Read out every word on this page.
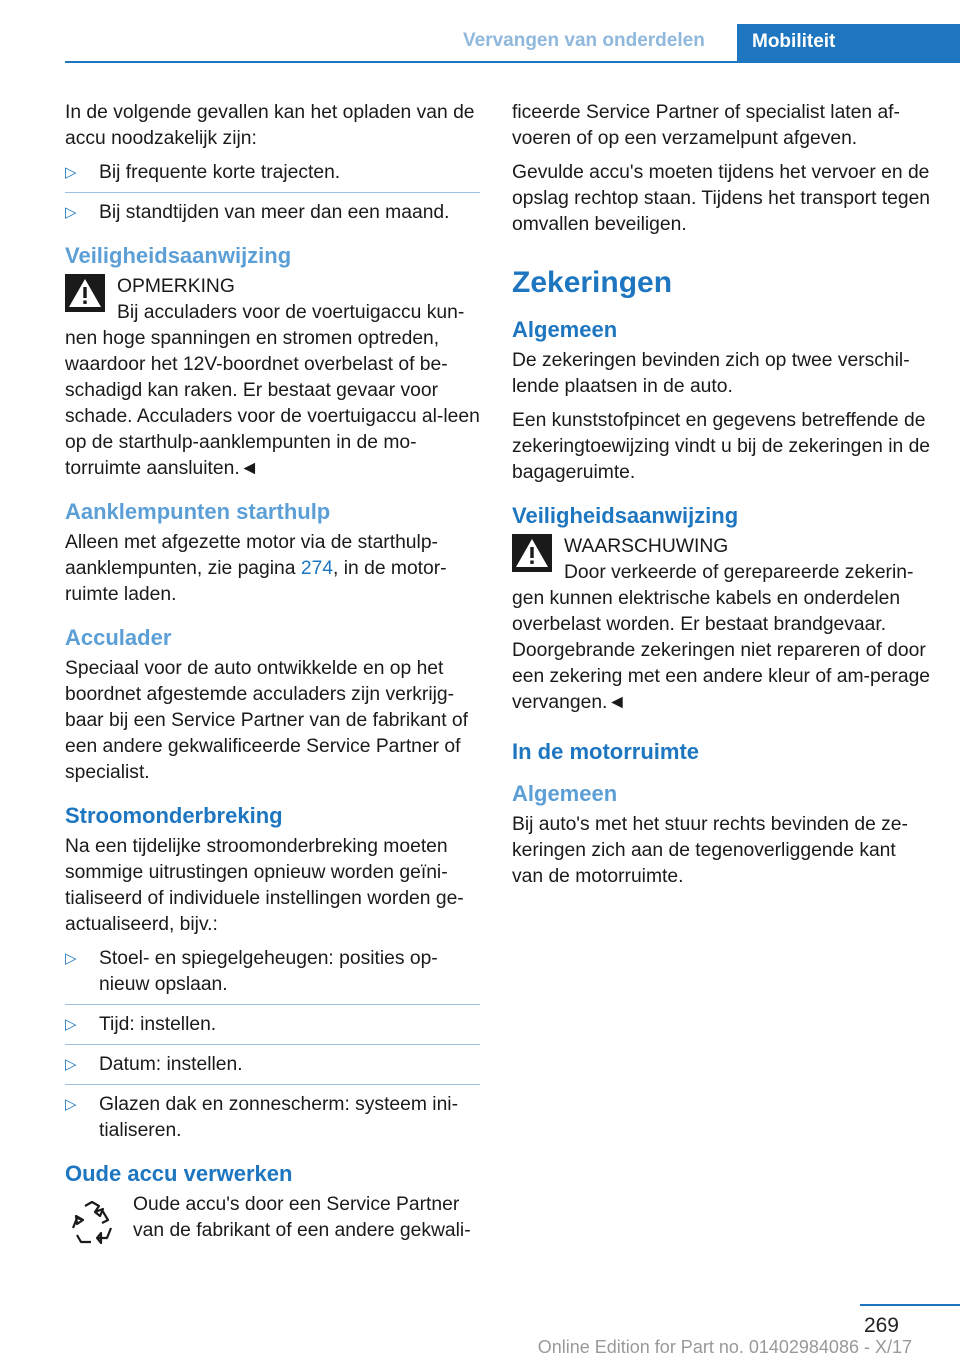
Vervangen van onderdelen	Mobiliteit

In de volgende gevallen kan het opladen van de accu noodzakelijk zijn:

▷ Bij frequente korte trajecten.
▷ Bij standtijden van meer dan een maand.
Veiligheidsaanwijzing
OPMERKING
Bij acculaders voor de voertuigaccu kun-nen hoge spanningen en stromen optreden, waardoor het 12V-boordnet overbelast of be-schadigd kan raken. Er bestaat gevaar voor schade. Acculaders voor de voertuigaccu al-leen op de starthulp-aanklempunten in de mo-torruimte aansluiten.◄
Aanklempunten starthulp

Alleen met afgezette motor via de starthulp-aanklempunten, zie pagina 274, in de motor-ruimte laden.

Acculader

Speciaal voor de auto ontwikkelde en op het boordnet afgestemde acculaders zijn verkrijg-baar bij een Service Partner van de fabrikant of een andere gekwalificeerde Service Partner of specialist.

Stroomonderbreking

Na een tijdelijke stroomonderbreking moeten sommige uitrustingen opnieuw worden geïni-tialiseerd of individuele instellingen worden ge-actualiseerd, bijv.:

▷ Stoel- en spiegelgeheugen: posities op-nieuw opslaan.
▷ Tijd: instellen.
▷ Datum: instellen.
▷ Glazen dak en zonnescherm: systeem ini-tialiseren.
Oude accu verwerken
Oude accu's door een Service Partner van de fabrikant of een andere gekwali-

ficeerde Service Partner of specialist laten af-voeren of op een verzamelpunt afgeven.

Gevulde accu's moeten tijdens het vervoer en de opslag rechtop staan. Tijdens het transport tegen omvallen beveiligen.

Zekeringen
Algemeen

De zekeringen bevinden zich op twee verschil-lende plaatsen in de auto.

Een kunststofpincet en gegevens betreffende de zekeringtoewijzing vindt u bij de zekeringen in de bagageruimte.

Veiligheidsaanwijzing
WAARSCHUWING
Door verkeerde of gerepareerde zekerin-gen kunnen elektrische kabels en onderdelen overbelast worden. Er bestaat brandgevaar. Doorgebrande zekeringen niet repareren of door een zekering met een andere kleur of am-perage vervangen.◄
In de motorruimte
Algemeen

Bij auto's met het stuur rechts bevinden de ze-keringen zich aan de tegenoverliggende kant van de motorruimte.

269
Online Edition for Part no. 01402984086 - X/17
